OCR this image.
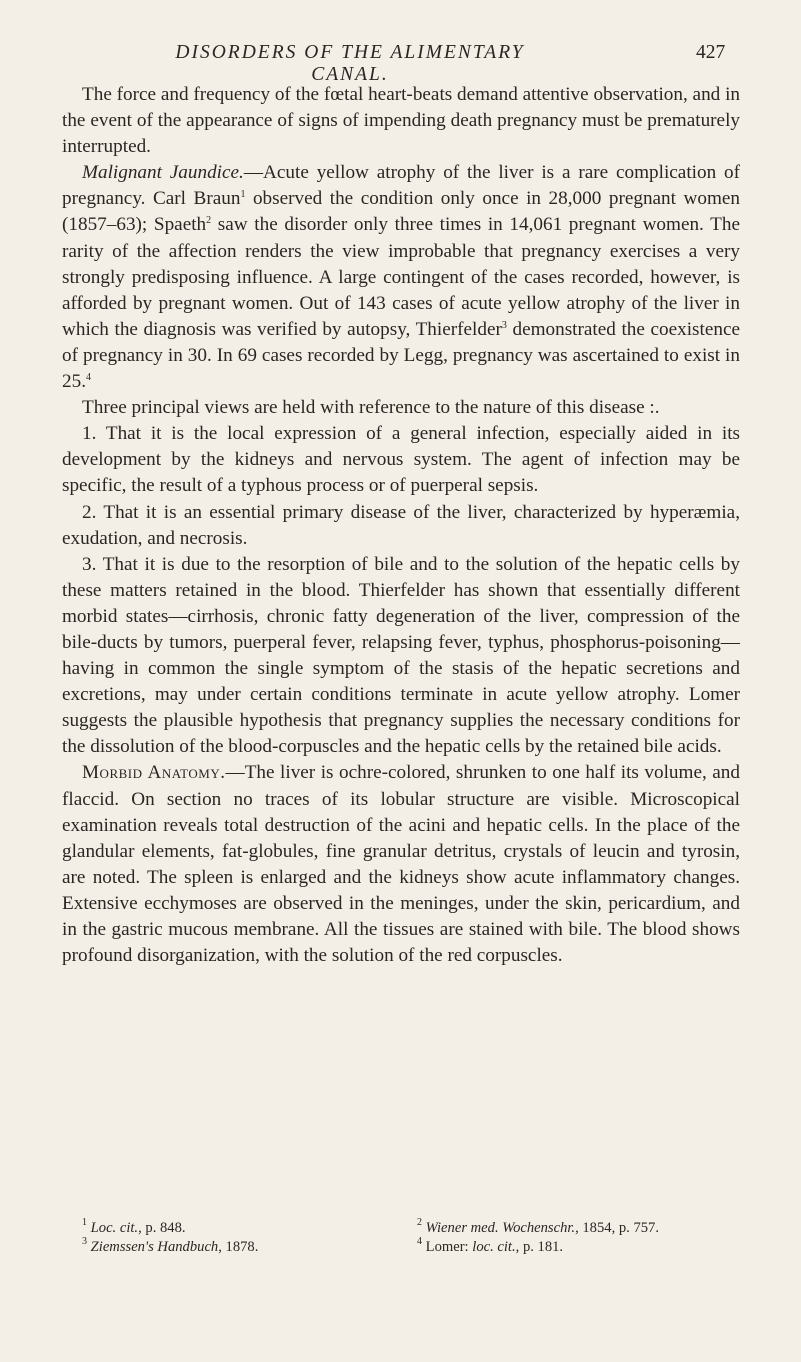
DISORDERS OF THE ALIMENTARY CANAL.
427

The force and frequency of the fœtal heart-beats demand attentive observation, and in the event of the appearance of signs of impending death pregnancy must be prematurely interrupted.

Malignant Jaundice.—Acute yellow atrophy of the liver is a rare complication of pregnancy. Carl Braun$^1$ observed the condition only once in 28,000 pregnant women (1857–63); Spaeth$^2$ saw the disorder only three times in 14,061 pregnant women. The rarity of the affection renders the view improbable that pregnancy exercises a very strongly predisposing influence. A large contingent of the cases recorded, however, is afforded by pregnant women. Out of 143 cases of acute yellow atrophy of the liver in which the diagnosis was verified by autopsy, Thierfelder$^3$ demonstrated the coexistence of pregnancy in 30. In 69 cases recorded by Legg, pregnancy was ascertained to exist in 25.$^4$

Three principal views are held with reference to the nature of this disease :.

1. That it is the local expression of a general infection, especially aided in its development by the kidneys and nervous system. The agent of infection may be specific, the result of a typhous process or of puerperal sepsis.

2. That it is an essential primary disease of the liver, characterized by hyperæmia, exudation, and necrosis.

3. That it is due to the resorption of bile and to the solution of the hepatic cells by these matters retained in the blood. Thierfelder has shown that essentially different morbid states—cirrhosis, chronic fatty degeneration of the liver, compression of the bile-ducts by tumors, puerperal fever, relapsing fever, typhus, phosphorus-poisoning—having in common the single symptom of the stasis of the hepatic secretions and excretions, may under certain conditions terminate in acute yellow atrophy. Lomer suggests the plausible hypothesis that pregnancy supplies the necessary conditions for the dissolution of the blood-corpuscles and the hepatic cells by the retained bile acids.

Morbid Anatomy.—The liver is ochre-colored, shrunken to one half its volume, and flaccid. On section no traces of its lobular structure are visible. Microscopical examination reveals total destruction of the acini and hepatic cells. In the place of the glandular elements, fat-globules, fine granular detritus, crystals of leucin and tyrosin, are noted. The spleen is enlarged and the kidneys show acute inflammatory changes. Extensive ecchymoses are observed in the meninges, under the skin, pericardium, and in the gastric mucous membrane. All the tissues are stained with bile. The blood shows profound disorganization, with the solution of the red corpuscles.

$^1$ Loc. cit., p. 848.	$^2$ Wiener med. Wochenschr., 1854, p. 757.
$^3$ Ziemssen's Handbuch, 1878.	$^4$ Lomer: loc. cit., p. 181.
